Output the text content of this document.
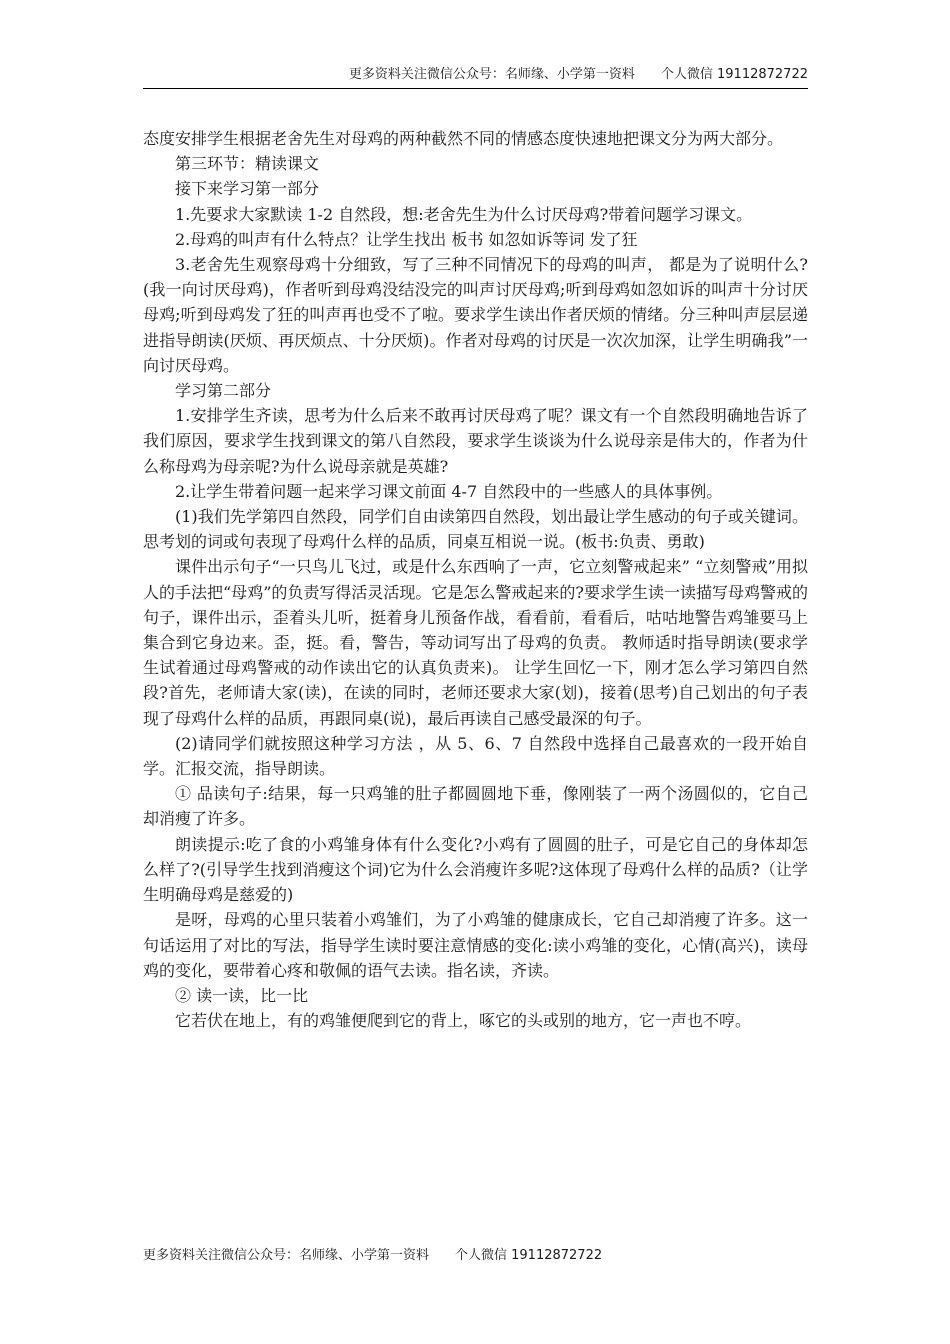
更多资料关注微信公众号：名师缘、小学第一资料　　个人微信 19112872722

态度安排学生根据老舍先生对母鸡的两种截然不同的情感态度快速地把课文分为两大部分。

第三环节：精读课文

接下来学习第一部分

1.先要求大家默读 1-2 自然段，想:老舍先生为什么讨厌母鸡?带着问题学习课文。

2.母鸡的叫声有什么特点？让学生找出 板书 如忽如诉等词 发了狂

3.老舍先生观察母鸡十分细致，写了三种不同情况下的母鸡的叫声， 都是为了说明什么?(我一向讨厌母鸡)，作者听到母鸡没结没完的叫声讨厌母鸡;听到母鸡如忽如诉的叫声十分讨厌母鸡;听到母鸡发了狂的叫声再也受不了啦。要求学生读出作者厌烦的情绪。分三种叫声层层递进指导朗读(厌烦、再厌烦点、十分厌烦)。作者对母鸡的讨厌是一次次加深，让学生明确我”一向讨厌母鸡。

学习第二部分

1.安排学生齐读，思考为什么后来不敢再讨厌母鸡了呢？课文有一个自然段明确地告诉了我们原因，要求学生找到课文的第八自然段，要求学生谈谈为什么说母亲是伟大的，作者为什么称母鸡为母亲呢?为什么说母亲就是英雄?

2.让学生带着问题一起来学习课文前面 4-7 自然段中的一些感人的具体事例。

(1)我们先学第四自然段，同学们自由读第四自然段，划出最让学生感动的句子或关键词。思考划的词或句表现了母鸡什么样的品质，同桌互相说一说。(板书:负责、勇敢)

课件出示句子“一只鸟儿飞过，或是什么东西响了一声，它立刻警戒起来” “立刻警戒”用拟人的手法把“母鸡”的负责写得活灵活现。它是怎么警戒起来的?要求学生读一读描写母鸡警戒的句子，课件出示，歪着头儿听，挺着身儿预备作战，看看前，看看后，咕咕地警告鸡雏要马上集合到它身边来。歪，挺。看，警告，等动词写出了母鸡的负责。 教师适时指导朗读(要求学生试着通过母鸡警戒的动作读出它的认真负责来)。 让学生回忆一下，刚才怎么学习第四自然段?首先，老师请大家(读)，在读的同时，老师还要求大家(划)，接着(思考)自己划出的句子表现了母鸡什么样的品质，再跟同桌(说)，最后再读自己感受最深的句子。

(2)请同学们就按照这种学习方法 ，从 5、6、7 自然段中选择自己最喜欢的一段开始自学。汇报交流，指导朗读。

① 品读句子:结果，每一只鸡雏的肚子都圆圆地下垂，像刚装了一两个汤圆似的，它自己却消瘦了许多。

朗读提示:吃了食的小鸡雏身体有什么变化?小鸡有了圆圆的肚子，可是它自己的身体却怎么样了?(引导学生找到消瘦这个词)它为什么会消瘦许多呢?这体现了母鸡什么样的品质?（让学生明确母鸡是慈爱的)

是呀，母鸡的心里只装着小鸡雏们，为了小鸡雏的健康成长，它自己却消瘦了许多。这一句话运用了对比的写法，指导学生读时要注意情感的变化:读小鸡雏的变化，心情(高兴)，读母鸡的变化，要带着心疼和敬佩的语气去读。指名读，齐读。

② 读一读，比一比

它若伏在地上，有的鸡雏便爬到它的背上，啄它的头或别的地方，它一声也不哼。

更多资料关注微信公众号：名师缘、小学第一资料　　个人微信 19112872722
